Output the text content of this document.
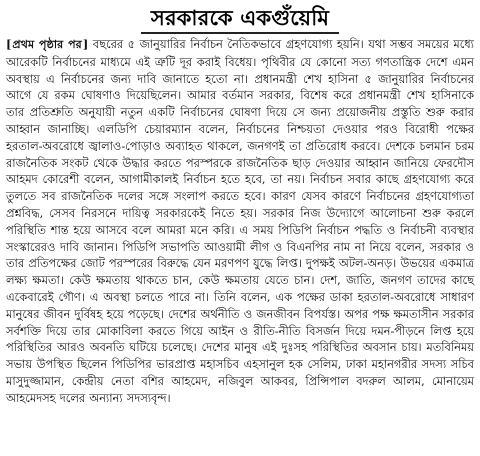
সরকারকে একগুঁয়েমি

[প্রথম পৃষ্ঠার পর] বছরের ৫ জানুয়ারির নির্বাচন নৈতিকভাবে গ্রহণযোগ্য হয়নি। যথা সম্ভব সময়ের মধ্যে আরেকটি নির্বাচনের মাধ্যমে এই ত্রুটি দূর করাই বিধেয়। পৃথিবীর যে কোনো সত্য গণতান্ত্রিক দেশে এমন অবস্থায় এ নির্বাচনের জন্য দাবি জানাতে হতো না। প্রধানমন্ত্রী শেখ হাসিনা ৫ জানুয়ারির নির্বাচনের আগে যে রকম ঘোষণাও দিয়েছিলেন। আমার বর্তমান সরকার, বিশেষ করে প্রধানমন্ত্রী শেখ হাসিনাকে তার প্রতিশ্রুতি অনুযায়ী নতুন একটি নির্বাচনের ঘোষণা দিয়ে সে জন্য প্রয়োজনীয় প্রস্তুতি শুরু করার আহ্বান জানাচ্ছি। এলডিপি চেয়ারম্যান বলেন, নির্বাচনের নিশ্চয়তা দেওয়ার পরও বিরোধী পক্ষের হরতাল-অবরোধে জ্বালাও-পোড়াও অব্যাহত থাকলে, জনগণই তা প্রতিরোধ করবে। দেশকে চলমান চরম রাজনৈতিক সংকট থেকে উদ্ধার করতে পরস্পরকে রাজনৈতিক ছাড় দেওয়ার আহ্বান জানিয়ে ফেরদৌস আহমদ কোরেশী বলেন, আগামীকালই নির্বাচন হতে হবে, তা নয়। নির্বাচন সবার কাছে গ্রহণযোগ্য করে তুলতে সব রাজনৈতিক দলের সঙ্গে সংলাপ করতে হবে। কারণ যেসব কারণে নির্বাচনের গ্রহণযোগ্যতা প্রশ্নবিদ্ধ, সেসব নিরসনে দায়িত্ব সরকারকেই নিতে হয়। সরকার নিজ উদ্যোগে আলোচনা শুরু করলে পরিস্থিতি শান্ত হয়ে আসবে বলে আমরা মনে করি। এ সময় পিডিপি নির্বাচন পদ্ধতি ও নির্বাচনী ব্যবস্থার সংস্কারেরও দাবি জানান। পিডিপি সভাপতি আওয়ামী লীগ ও বিএনপির নাম না নিয়ে বলেন, সরকার ও তার প্রতিপক্ষের জোট পরস্পরের বিরুদ্ধে যেন মরণপণ যুদ্ধে লিপ্ত। দুপক্ষই অটল-অনড়। উভয়ের একমাত্র লক্ষ্য ক্ষমতা। কেউ ক্ষমতায় থাকতে চান, কেউ ক্ষমতায় যেতে চান। দেশ, জাতি, জনগণ তাদের কাছে একেবারেই গৌণ। এ অবস্থা চলতে পারে না। তিনি বলেন, এক পক্ষের ডাকা হরতাল-অবরোধে সাধারণ মানুষের জীবন দুর্বিষহ হয়ে পড়েছে। দেশের অর্থনীতি ও জনজীবন বিপর্যস্ত। অপর পক্ষ ক্ষমতাসীন সরকার সর্বশক্তি দিয়ে তার মোকাবিলা করতে গিয়ে আইন ও রীতি-নীতি বিসর্জন দিয়ে দমন-পীড়নে লিপ্ত হয়ে পরিস্থিতির আরও অবনতি ঘটিয়ে চলেছে। দেশের মানুষ এই দুঃসহ পরিস্থিতির অবসান চায়। মতবিনিময় সভায় উপস্থিত ছিলেন পিডিপির ভারপ্রাপ্ত মহাসচিব এহসানুল হক সেলিম, ঢাকা মহানগরীর সদস্য সচিব মাসুদুজ্জামান, কেন্দ্রীয় নেতা বশির আহমেদ, নজিবুল আকবর, প্রিন্সিপাল বদরুল আলম, মোনায়েম আহমেদসহ দলের অন্যান্য সদস্যবৃন্দ।
